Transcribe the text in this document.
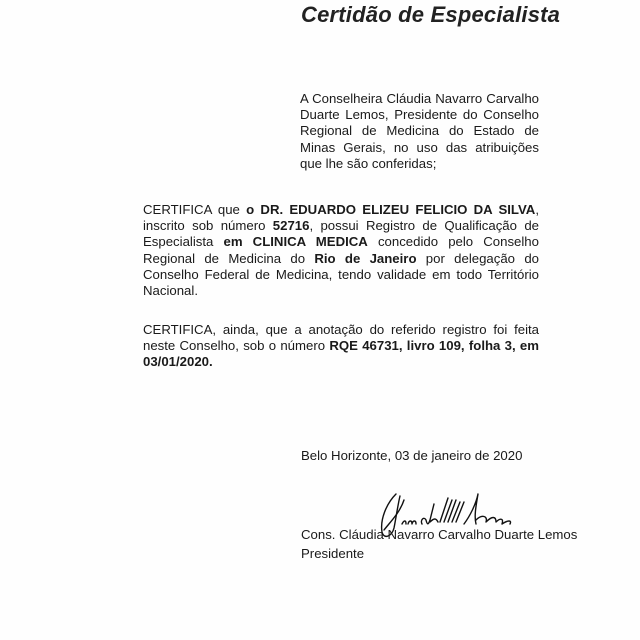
Certidão de Especialista

A Conselheira Cláudia Navarro Carvalho Duarte Lemos, Presidente do Conselho Regional de Medicina do Estado de Minas Gerais, no uso das atribuições que lhe são conferidas;

CERTIFICA que o DR. EDUARDO ELIZEU FELICIO DA SILVA, inscrito sob número 52716, possui Registro de Qualificação de Especialista em CLINICA MEDICA concedido pelo Conselho Regional de Medicina do Rio de Janeiro por delegação do Conselho Federal de Medicina, tendo validade em todo Território Nacional.

CERTIFICA, ainda, que a anotação do referido registro foi feita neste Conselho, sob o número RQE 46731, livro 109, folha 3, em 03/01/2020.

Belo Horizonte, 03 de janeiro de 2020

Cons. Cláudia Navarro Carvalho Duarte Lemos

Presidente
